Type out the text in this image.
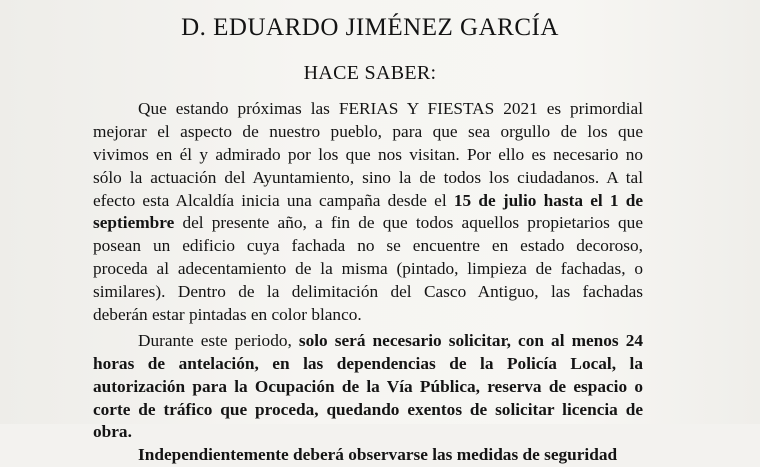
D. EDUARDO JIMÉNEZ GARCÍA
HACE SABER:
Que estando próximas las FERIAS Y FIESTAS 2021 es primordial
mejorar el aspecto de nuestro pueblo, para que sea orgullo de los que
vivimos en él y admirado por los que nos visitan. Por ello es necesario no
sólo la actuación del Ayuntamiento, sino la de todos los ciudadanos. A tal
efecto esta Alcaldía inicia una campaña desde el 15 de julio hasta el 1 de
septiembre del presente año, a fin de que todos aquellos propietarios que
posean un edificio cuya fachada no se encuentre en estado decoroso,
proceda al adecentamiento de la misma (pintado, limpieza de fachadas, o
similares). Dentro de la delimitación del Casco Antiguo, las fachadas
deberán estar pintadas en color blanco.
Durante este periodo, solo será necesario solicitar, con al menos 24
horas de antelación, en las dependencias de la Policía Local, la
autorización para la Ocupación de la Vía Pública, reserva de espacio o
corte de tráfico que proceda, quedando exentos de solicitar licencia de
obra.
Independientemente deberá observarse las medidas de seguridad
